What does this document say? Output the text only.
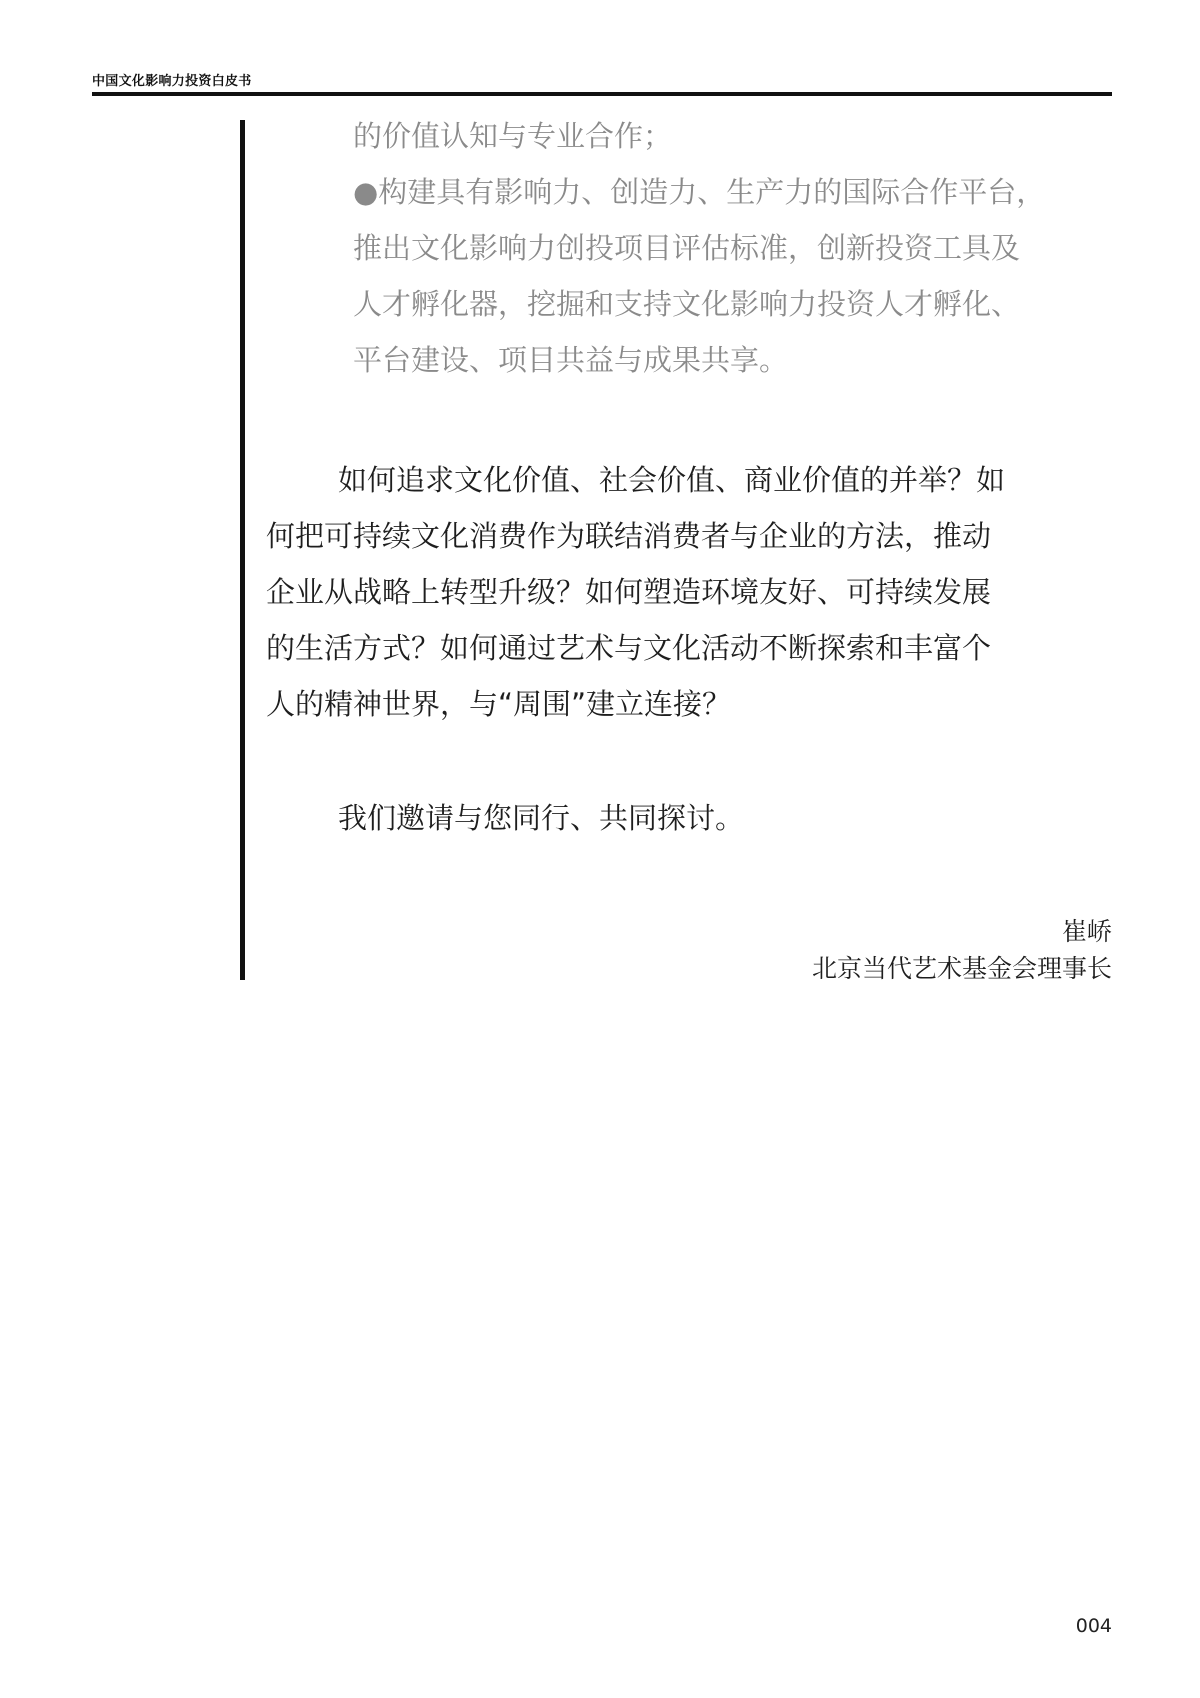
中国文化影响力投资白皮书
的价值认知与专业合作；
●构建具有影响力、创造力、生产力的国际合作平台，
推出文化影响力创投项目评估标准，创新投资工具及
人才孵化器，挖掘和支持文化影响力投资人才孵化、
平台建设、项目共益与成果共享。
如何追求文化价值、社会价值、商业价值的并举？如
何把可持续文化消费作为联结消费者与企业的方法，推动
企业从战略上转型升级？如何塑造环境友好、可持续发展
的生活方式？如何通过艺术与文化活动不断探索和丰富个
人的精神世界，与“周围”建立连接？
我们邀请与您同行、共同探讨。
崔峤
北京当代艺术基金会理事长
004
